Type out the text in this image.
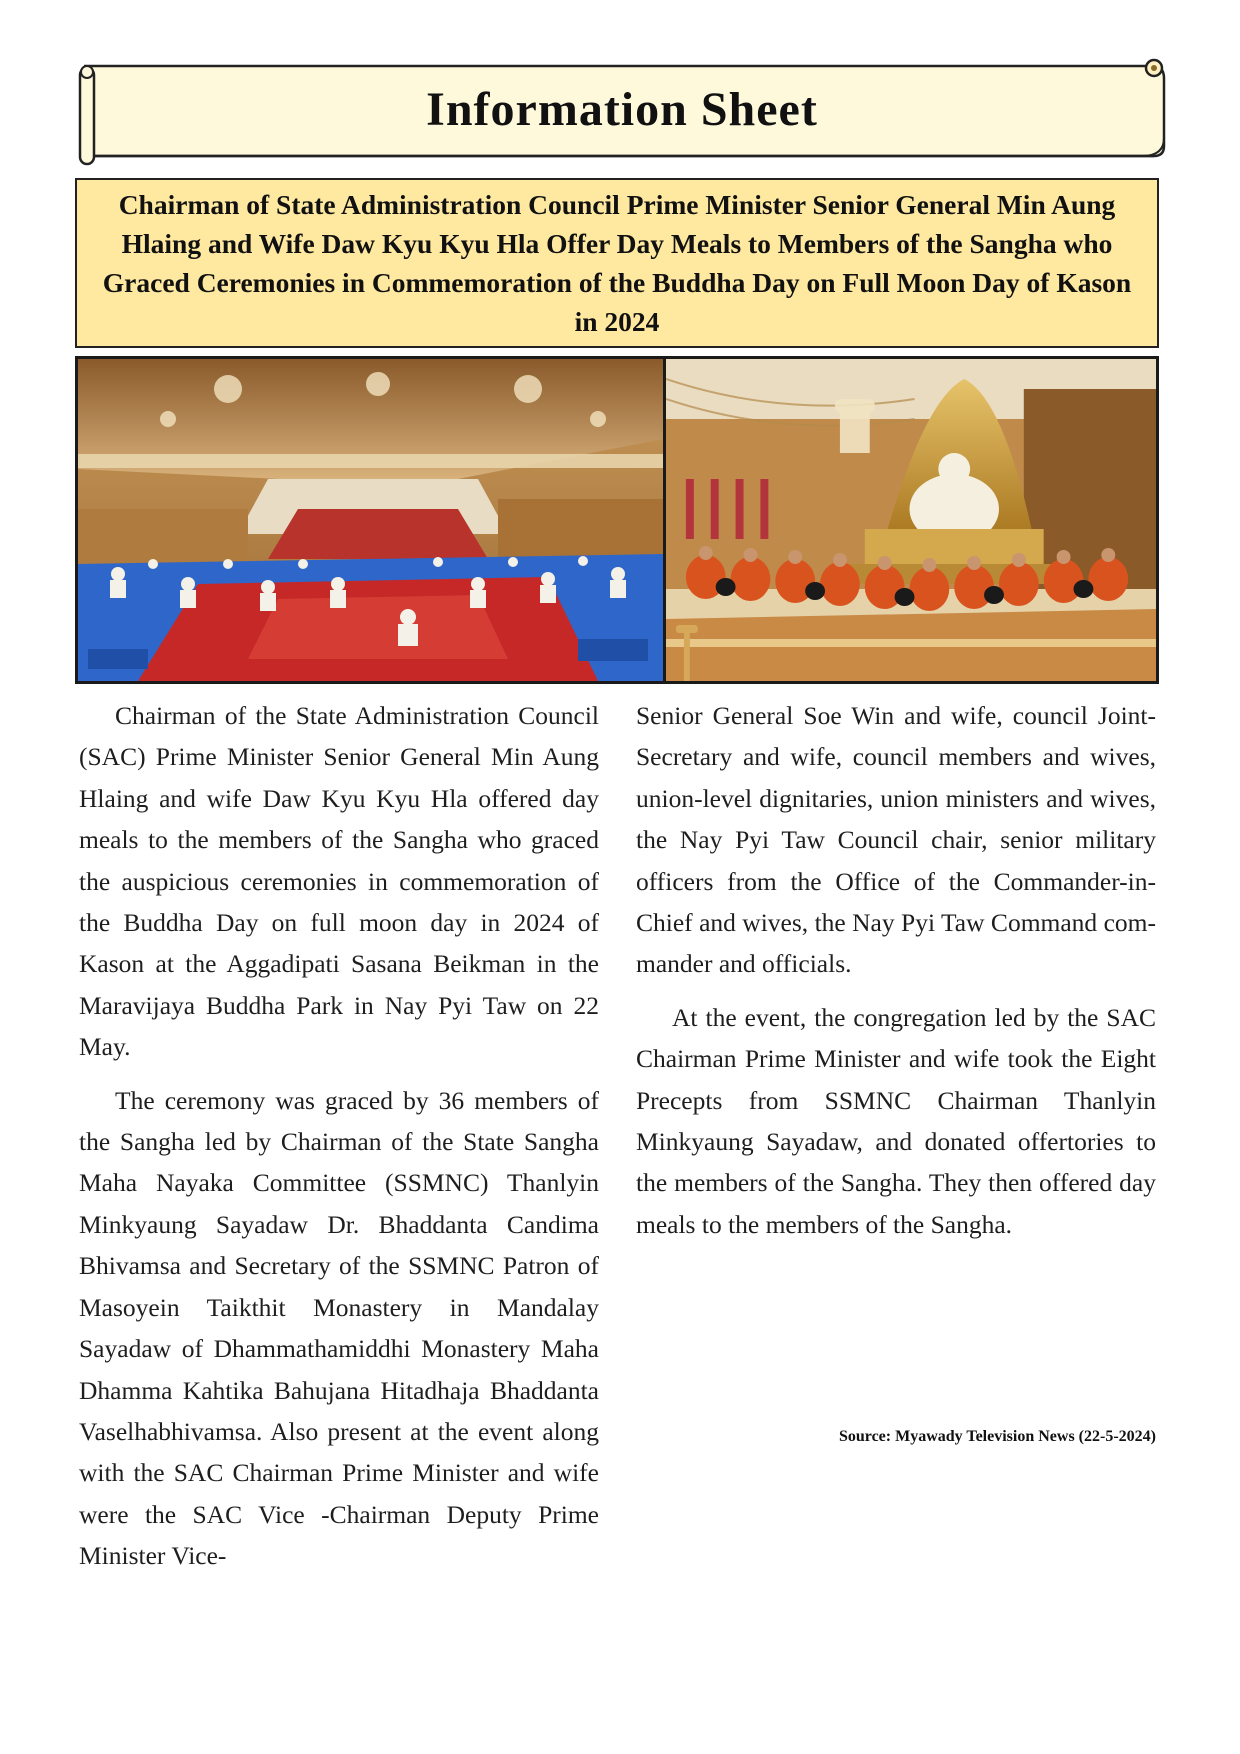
Information Sheet
Chairman of State Administration Council Prime Minister Senior General Min Aung Hlaing and Wife Daw Kyu Kyu Hla Offer Day Meals to Members of the Sangha who Graced Ceremonies in Commemoration of the Buddha Day on Full Moon Day of Kason in 2024

Chairman of the State Administration Council (SAC) Prime Minister Senior General Min Aung Hlaing and wife Daw Kyu Kyu Hla offered day meals to the members of the Sangha who graced the auspicious ceremonies in commemoration of the Buddha Day on full moon day in 2024 of Kason at the Aggadipati Sasana Beikman in the Maravijaya Buddha Park in Nay Pyi Taw on 22 May.

The ceremony was graced by 36 members of the Sangha led by Chairman of the State Sangha Maha Nayaka Committee (SSMNC) Thanlyin Minkyaung Sayadaw Dr. Bhaddanta Candima Bhivamsa and Secretary of the SSMNC Patron of Masoyein Taikthit Monastery in Mandalay Sayadaw of Dhammathamiddhi Monastery Maha Dhamma Kahtika Bahujana Hitadhaja Bhaddanta Vaselhabhivamsa. Also present at the event along with the SAC Chairman Prime Minister and wife were the SAC Vice -Chairman Deputy Prime Minister Vice-

Senior General Soe Win and wife, council Joint-Secretary and wife, council members and wives, union-level dignitaries, union ministers and wives, the Nay Pyi Taw Council chair, senior military officers from the Office of the Commander-in-Chief and wives, the Nay Pyi Taw Command commander and officials.

At the event, the congregation led by the SAC Chairman Prime Minister and wife took the Eight Precepts from SSMNC Chairman Thanlyin Minkyaung Sayadaw, and donated offertories to the members of the Sangha. They then offered day meals to the members of the Sangha.

Source: Myawady Television News (22-5-2024)
